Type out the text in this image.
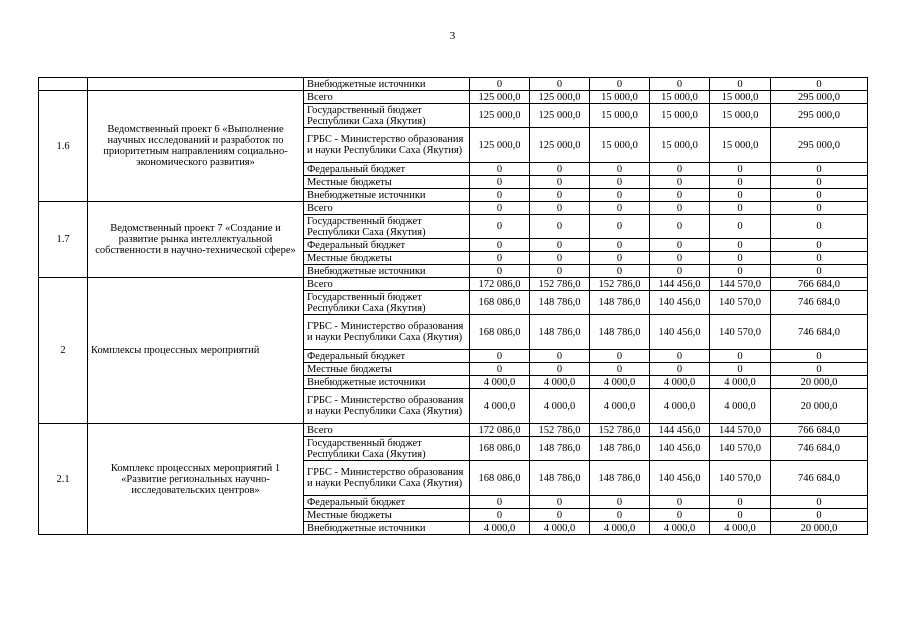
3
		Внебюджетные источники	0	0	0	0	0	0
1.6	Ведомственный проект 6 «Выполнение научных исследований и разработок по приоритетным направлениям социально-экономического развития»	Всего	125 000,0	125 000,0	15 000,0	15 000,0	15 000,0	295 000,0
		Государственный бюджет Республики Саха (Якутия)	125 000,0	125 000,0	15 000,0	15 000,0	15 000,0	295 000,0
		ГРБС - Министерство образования и науки Республики Саха (Якутия)	125 000,0	125 000,0	15 000,0	15 000,0	15 000,0	295 000,0
		Федеральный бюджет	0	0	0	0	0	0
		Местные бюджеты	0	0	0	0	0	0
		Внебюджетные источники	0	0	0	0	0	0
1.7	Ведомственный проект 7 «Создание и развитие рынка интеллектуальной собственности в научно-технической сфере»	Всего	0	0	0	0	0	0
		Государственный бюджет Республики Саха (Якутия)	0	0	0	0	0	0
		Федеральный бюджет	0	0	0	0	0	0
		Местные бюджеты	0	0	0	0	0	0
		Внебюджетные источники	0	0	0	0	0	0
2	Комплексы процессных мероприятий	Всего	172 086,0	152 786,0	152 786,0	144 456,0	144 570,0	766 684,0
		Государственный бюджет Республики Саха (Якутия)	168 086,0	148 786,0	148 786,0	140 456,0	140 570,0	746 684,0
		ГРБС - Министерство образования и науки Республики Саха (Якутия)	168 086,0	148 786,0	148 786,0	140 456,0	140 570,0	746 684,0
		Федеральный бюджет	0	0	0	0	0	0
		Местные бюджеты	0	0	0	0	0	0
		Внебюджетные источники	4 000,0	4 000,0	4 000,0	4 000,0	4 000,0	20 000,0
		ГРБС - Министерство образования и науки Республики Саха (Якутия)	4 000,0	4 000,0	4 000,0	4 000,0	4 000,0	20 000,0
2.1	Комплекс процессных мероприятий 1 «Развитие региональных научно-исследовательских центров»	Всего	172 086,0	152 786,0	152 786,0	144 456,0	144 570,0	766 684,0
		Государственный бюджет Республики Саха (Якутия)	168 086,0	148 786,0	148 786,0	140 456,0	140 570,0	746 684,0
		ГРБС - Министерство образования и науки Республики Саха (Якутия)	168 086,0	148 786,0	148 786,0	140 456,0	140 570,0	746 684,0
		Федеральный бюджет	0	0	0	0	0	0
		Местные бюджеты	0	0	0	0	0	0
		Внебюджетные источники	4 000,0	4 000,0	4 000,0	4 000,0	4 000,0	20 000,0
